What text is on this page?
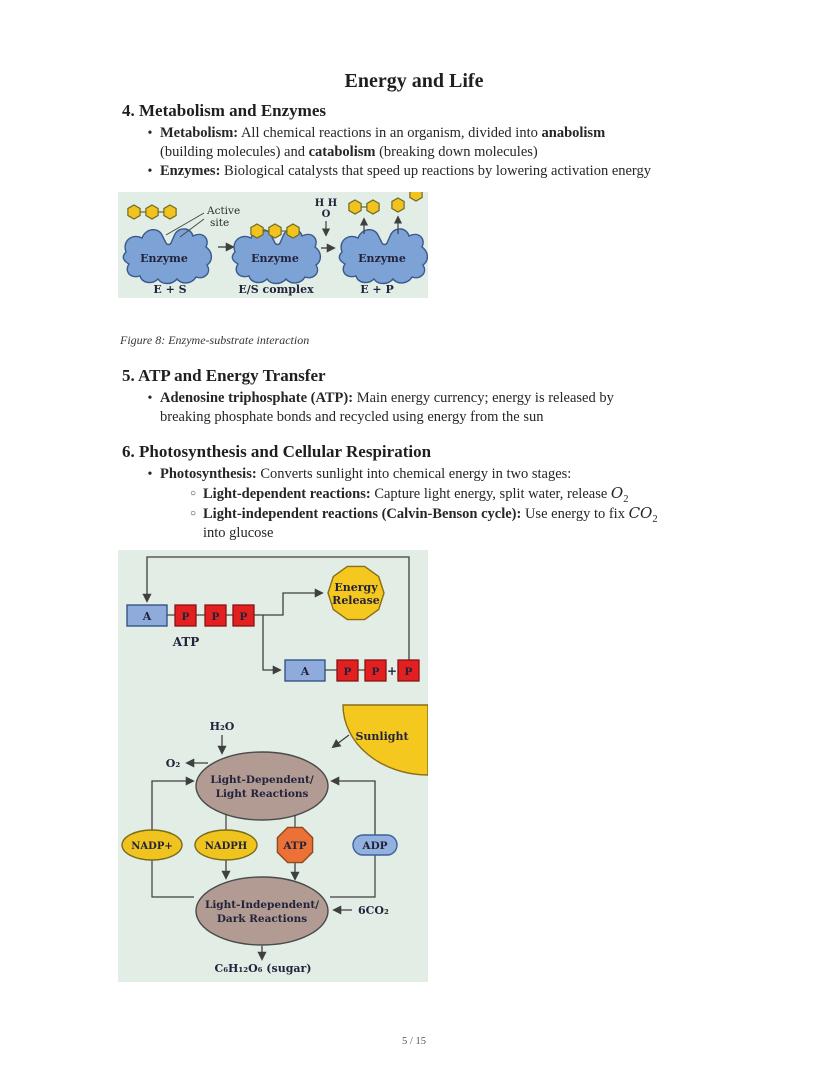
Energy and Life
4. Metabolism and Enzymes
• Metabolism: All chemical reactions in an organism, divided into anabolism
(building molecules) and catabolism (breaking down molecules)
• Enzymes: Biological catalysts that speed up reactions by lowering activation energy
Enzyme
Active
site
Enzyme
H H
O
Enzyme
E + S	E/S complex	E + P
Figure 8: Enzyme-substrate interaction
5. ATP and Energy Transfer
• Adenosine triphosphate (ATP): Main energy currency; energy is released by
breaking phosphate bonds and recycled using energy from the sun
6. Photosynthesis and Cellular Respiration
• Photosynthesis: Converts sunlight into chemical energy in two stages:
○ Light-dependent reactions: Capture light energy, split water, release $O_2$
○ Light-independent reactions (Calvin-Benson cycle): Use energy to fix $CO_2$
into glucose
A	P P P
ATP
Energy
Release
A	P P + P
Sunlight
H₂O
O₂
Light-Dependent/
Light Reactions
NADP+	NADPH	ATP	ADP
Light-Independent/
Dark Reactions
6CO₂
C₆H₁₂O₆ (sugar)
5 / 15
